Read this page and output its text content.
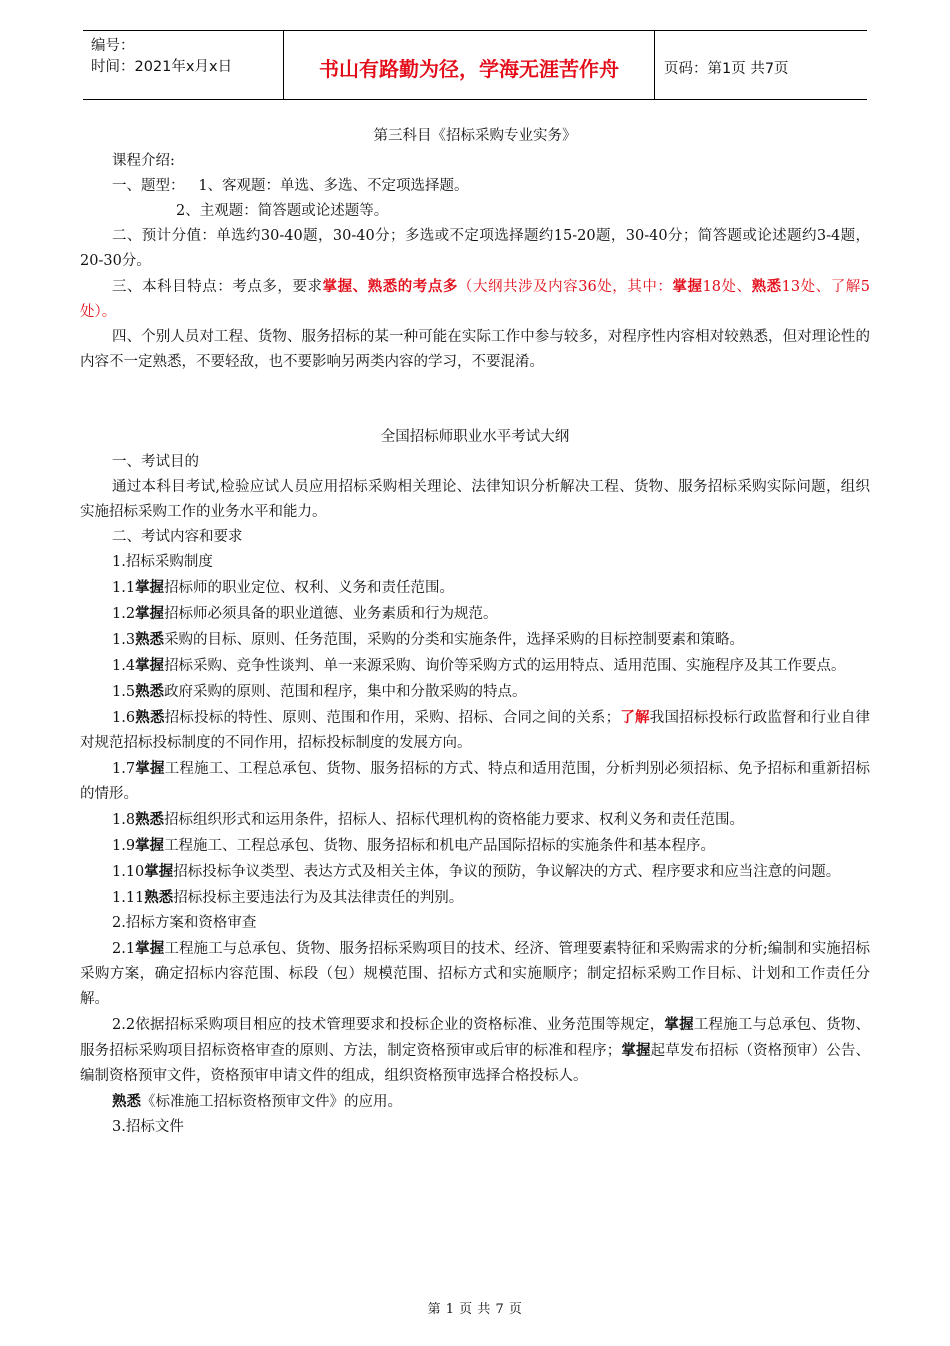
编号：
时间：2021年x月x日	书山有路勤为径，学海无涯苦作舟	页码：第1页 共7页

第三科目《招标采购专业实务》

课程介绍:

一、题型：   1、客观题：单选、多选、不定项选择题。

2、主观题：简答题或论述题等。

二、预计分值：单选约30-40题，30-40分；多选或不定项选择题约15-20题，30-40分；简答题或论述题约3-4题，20-30分。

三、本科目特点：考点多，要求掌握、熟悉的考点多（大纲共涉及内容36处，其中：掌握18处、熟悉13处、了解5处）。

四、个别人员对工程、货物、服务招标的某一种可能在实际工作中参与较多，对程序性内容相对较熟悉，但对理论性的内容不一定熟悉，不要轻敌，也不要影响另两类内容的学习，不要混淆。

全国招标师职业水平考试大纲

一、考试目的

通过本科目考试,检验应试人员应用招标采购相关理论、法律知识分析解决工程、货物、服务招标采购实际问题，组织实施招标采购工作的业务水平和能力。

二、考试内容和要求

1.招标采购制度

1.1掌握招标师的职业定位、权利、义务和责任范围。

1.2掌握招标师必须具备的职业道德、业务素质和行为规范。

1.3熟悉采购的目标、原则、任务范围，采购的分类和实施条件，选择采购的目标控制要素和策略。

1.4掌握招标采购、竞争性谈判、单一来源采购、询价等采购方式的运用特点、适用范围、实施程序及其工作要点。

1.5熟悉政府采购的原则、范围和程序，集中和分散采购的特点。

1.6熟悉招标投标的特性、原则、范围和作用，采购、招标、合同之间的关系；了解我国招标投标行政监督和行业自律对规范招标投标制度的不同作用，招标投标制度的发展方向。

1.7掌握工程施工、工程总承包、货物、服务招标的方式、特点和适用范围，分析判别必须招标、免予招标和重新招标的情形。

1.8熟悉招标组织形式和运用条件，招标人、招标代理机构的资格能力要求、权利义务和责任范围。

1.9掌握工程施工、工程总承包、货物、服务招标和机电产品国际招标的实施条件和基本程序。

1.10掌握招标投标争议类型、表达方式及相关主体，争议的预防，争议解决的方式、程序要求和应当注意的问题。

1.11熟悉招标投标主要违法行为及其法律责任的判别。

2.招标方案和资格审查

2.1掌握工程施工与总承包、货物、服务招标采购项目的技术、经济、管理要素特征和采购需求的分析;编制和实施招标采购方案，确定招标内容范围、标段（包）规模范围、招标方式和实施顺序；制定招标采购工作目标、计划和工作责任分解。

2.2依据招标采购项目相应的技术管理要求和投标企业的资格标准、业务范围等规定，掌握工程施工与总承包、货物、服务招标采购项目招标资格审查的原则、方法，制定资格预审或后审的标准和程序；掌握起草发布招标（资格预审）公告、编制资格预审文件，资格预审申请文件的组成，组织资格预审选择合格投标人。

熟悉《标准施工招标资格预审文件》的应用。

3.招标文件

第 1 页 共 7 页
